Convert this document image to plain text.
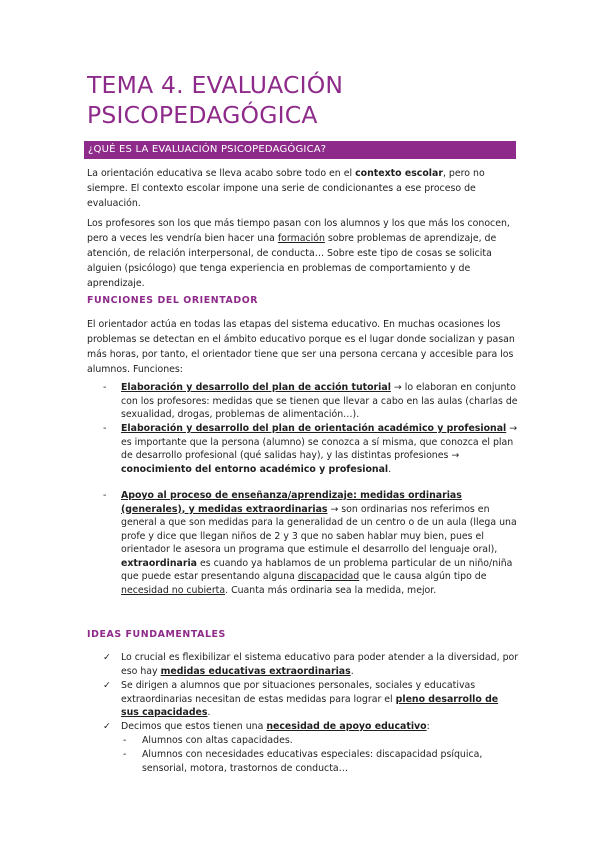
TEMA 4. EVALUACIÓN PSICOPEDAGÓGICA
¿QUÉ ES LA EVALUACIÓN PSICOPEDAGÓGICA?

La orientación educativa se lleva acabo sobre todo en el contexto escolar, pero no siempre. El contexto escolar impone una serie de condicionantes a ese proceso de evaluación.

Los profesores son los que más tiempo pasan con los alumnos y los que más los conocen, pero a veces les vendría bien hacer una formación sobre problemas de aprendizaje, de atención, de relación interpersonal, de conducta… Sobre este tipo de cosas se solicita alguien (psicólogo) que tenga experiencia en problemas de comportamiento y de aprendizaje.

FUNCIONES DEL ORIENTADOR

El orientador actúa en todas las etapas del sistema educativo. En muchas ocasiones los problemas se detectan en el ámbito educativo porque es el lugar donde socializan y pasan más horas, por tanto, el orientador tiene que ser una persona cercana y accesible para los alumnos. Funciones:

- Elaboración y desarrollo del plan de acción tutorial → lo elaboran en conjunto con los profesores: medidas que se tienen que llevar a cabo en las aulas (charlas de sexualidad, drogas, problemas de alimentación…).
- Elaboración y desarrollo del plan de orientación académico y profesional → es importante que la persona (alumno) se conozca a sí misma, que conozca el plan de desarrollo profesional (qué salidas hay), y las distintas profesiones → conocimiento del entorno académico y profesional.
- Apoyo al proceso de enseñanza/aprendizaje: medidas ordinarias (generales), y medidas extraordinarias → son ordinarias nos referimos en general a que son medidas para la generalidad de un centro o de un aula (llega una profe y dice que llegan niños de 2 y 3 que no saben hablar muy bien, pues el orientador le asesora un programa que estimule el desarrollo del lenguaje oral), extraordinaria es cuando ya hablamos de un problema particular de un niño/niña que puede estar presentando alguna discapacidad que le causa algún tipo de necesidad no cubierta. Cuanta más ordinaria sea la medida, mejor.
IDEAS FUNDAMENTALES
✓ Lo crucial es flexibilizar el sistema educativo para poder atender a la diversidad, por eso hay medidas educativas extraordinarias.
✓ Se dirigen a alumnos que por situaciones personales, sociales y educativas extraordinarias necesitan de estas medidas para lograr el pleno desarrollo de sus capacidades.
✓ Decimos que estos tienen una necesidad de apoyo educativo:
- Alumnos con altas capacidades.
- Alumnos con necesidades educativas especiales: discapacidad psíquica, sensorial, motora, trastornos de conducta…
